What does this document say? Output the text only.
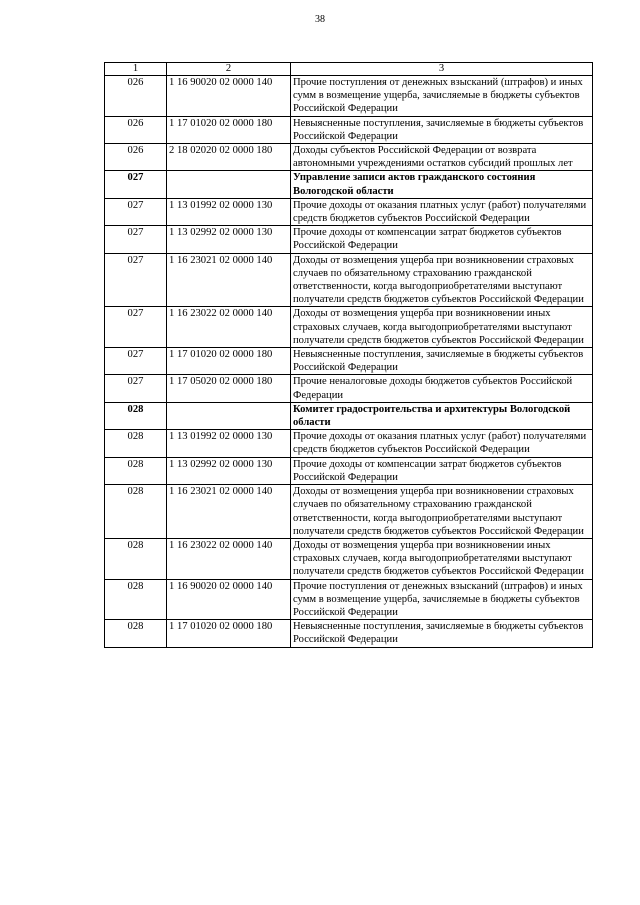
38
1	2	3
026	1 16 90020 02 0000 140	Прочие поступления от денежных взысканий (штрафов) и иных сумм в возмещение ущерба, зачисляемые в бюджеты субъектов Российской Федерации
026	1 17 01020 02 0000 180	Невыясненные поступления, зачисляемые в бюджеты субъектов Российской Федерации
026	2 18 02020 02 0000 180	Доходы субъектов Российской Федерации от возврата автономными учреждениями остатков субсидий прошлых лет
027		Управление записи актов гражданского состояния Вологодской области
027	1 13 01992 02 0000 130	Прочие доходы от оказания платных услуг (работ) получателями средств бюджетов субъектов Российской Федерации
027	1 13 02992 02 0000 130	Прочие доходы от компенсации затрат бюджетов субъектов Российской Федерации
027	1 16 23021 02 0000 140	Доходы от возмещения ущерба при возникновении страховых случаев по обязательному страхованию гражданской ответственности, когда выгодоприобретателями выступают получатели средств бюджетов субъектов Российской Федерации
027	1 16 23022 02 0000 140	Доходы от возмещения ущерба при возникновении иных страховых случаев, когда выгодоприобретателями выступают получатели средств бюджетов субъектов Российской Федерации
027	1 17 01020 02 0000 180	Невыясненные поступления, зачисляемые в бюджеты субъектов Российской Федерации
027	1 17 05020 02 0000 180	Прочие неналоговые доходы бюджетов субъектов Российской Федерации
028		Комитет градостроительства и архитектуры Вологодской области
028	1 13 01992 02 0000 130	Прочие доходы от оказания платных услуг (работ) получателями средств бюджетов субъектов Российской Федерации
028	1 13 02992 02 0000 130	Прочие доходы от компенсации затрат бюджетов субъектов Российской Федерации
028	1 16 23021 02 0000 140	Доходы от возмещения ущерба при возникновении страховых случаев по обязательному страхованию гражданской ответственности, когда выгодоприобретателями выступают получатели средств бюджетов субъектов Российской Федерации
028	1 16 23022 02 0000 140	Доходы от возмещения ущерба при возникновении иных страховых случаев, когда выгодоприобретателями выступают получатели средств бюджетов субъектов Российской Федерации
028	1 16 90020 02 0000 140	Прочие поступления от денежных взысканий (штрафов) и иных сумм в возмещение ущерба, зачисляемые в бюджеты субъектов Российской Федерации
028	1 17 01020 02 0000 180	Невыясненные поступления, зачисляемые в бюджеты субъектов Российской Федерации
